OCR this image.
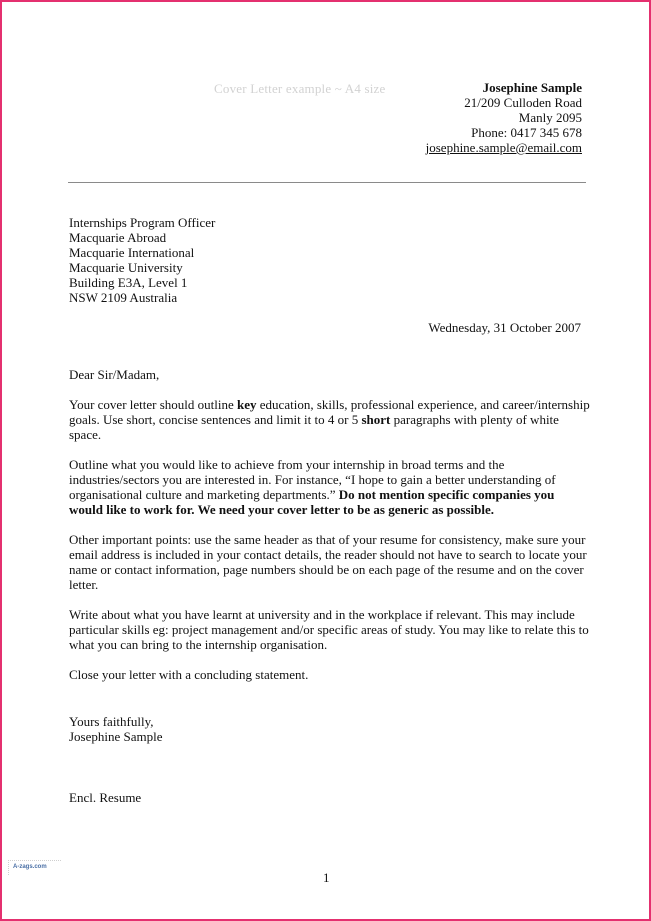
Cover Letter example ~ A4 size	Josephine Sample
21/209 Culloden Road
Manly 2095
Phone: 0417 345 678
josephine.sample@email.com
Internships Program Officer
Macquarie Abroad
Macquarie International
Macquarie University
Building E3A, Level 1
NSW 2109 Australia
Wednesday, 31 October 2007

Dear Sir/Madam,

Your cover letter should outline key education, skills, professional experience, and career/internship goals. Use short, concise sentences and limit it to 4 or 5 short paragraphs with plenty of white space.

Outline what you would like to achieve from your internship in broad terms and the industries/sectors you are interested in. For instance, “I hope to gain a better understanding of organisational culture and marketing departments.” Do not mention specific companies you would like to work for. We need your cover letter to be as generic as possible.

Other important points: use the same header as that of your resume for consistency, make sure your email address is included in your contact details, the reader should not have to search to locate your name or contact information, page numbers should be on each page of the resume and on the cover letter.

Write about what you have learnt at university and in the workplace if relevant. This may include particular skills eg: project management and/or specific areas of study. You may like to relate this to what you can bring to the internship organisation.

Close your letter with a concluding statement.

Yours faithfully,
Josephine Sample
Encl. Resume
1
A-zags.com
